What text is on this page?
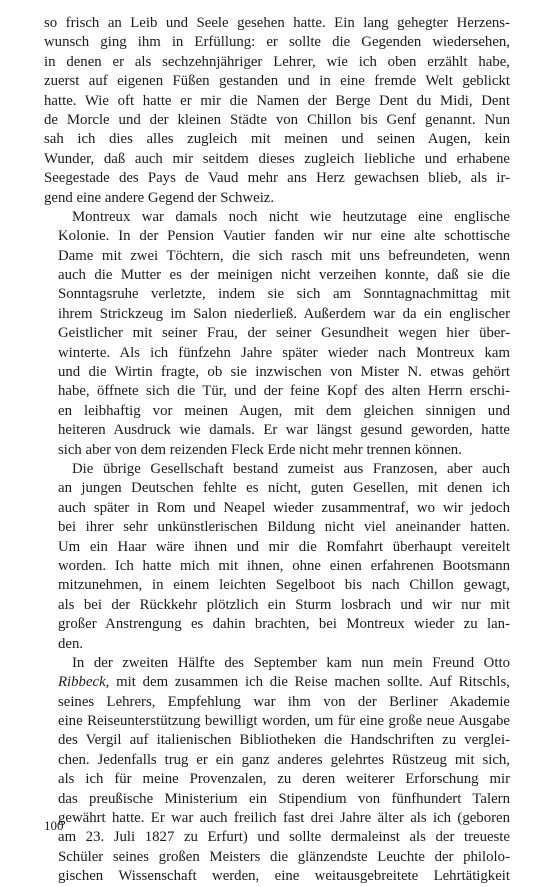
so frisch an Leib und Seele gesehen hatte. Ein lang gehegter Herzens-
wunsch ging ihm in Erfüllung: er sollte die Gegenden wiedersehen,
in denen er als sechzehnjähriger Lehrer, wie ich oben erzählt habe,
zuerst auf eigenen Füßen gestanden und in eine fremde Welt geblickt
hatte. Wie oft hatte er mir die Namen der Berge Dent du Midi, Dent
de Morcle und der kleinen Städte von Chillon bis Genf genannt. Nun
sah ich dies alles zugleich mit meinen und seinen Augen, kein
Wunder, daß auch mir seitdem dieses zugleich liebliche und erhabene
Seegestade des Pays de Vaud mehr ans Herz gewachsen blieb, als ir-
gend eine andere Gegend der Schweiz.
Montreux war damals noch nicht wie heutzutage eine englische
Kolonie. In der Pension Vautier fanden wir nur eine alte schottische
Dame mit zwei Töchtern, die sich rasch mit uns befreundeten, wenn
auch die Mutter es der meinigen nicht verzeihen konnte, daß sie die
Sonntagsruhe verletzte, indem sie sich am Sonntagnachmittag mit
ihrem Strickzeug im Salon niederließ. Außerdem war da ein englischer
Geistlicher mit seiner Frau, der seiner Gesundheit wegen hier über-
winterte. Als ich fünfzehn Jahre später wieder nach Montreux kam
und die Wirtin fragte, ob sie inzwischen von Mister N. etwas gehört
habe, öffnete sich die Tür, und der feine Kopf des alten Herrn erschi-
en leibhaftig vor meinen Augen, mit dem gleichen sinnigen und
heiteren Ausdruck wie damals. Er war längst gesund geworden, hatte
sich aber von dem reizenden Fleck Erde nicht mehr trennen können.
Die übrige Gesellschaft bestand zumeist aus Franzosen, aber auch
an jungen Deutschen fehlte es nicht, guten Gesellen, mit denen ich
auch später in Rom und Neapel wieder zusammentraf, wo wir jedoch
bei ihrer sehr unkünstlerischen Bildung nicht viel aneinander hatten.
Um ein Haar wäre ihnen und mir die Romfahrt überhaupt vereitelt
worden. Ich hatte mich mit ihnen, ohne einen erfahrenen Bootsmann
mitzunehmen, in einem leichten Segelboot bis nach Chillon gewagt,
als bei der Rückkehr plötzlich ein Sturm losbrach und wir nur mit
großer Anstrengung es dahin brachten, bei Montreux wieder zu lan-
den.
In der zweiten Hälfte des September kam nun mein Freund Otto
Ribbeck, mit dem zusammen ich die Reise machen sollte. Auf Ritschls,
seines Lehrers, Empfehlung war ihm von der Berliner Akademie
eine Reiseunterstützung bewilligt worden, um für eine große neue Ausgabe
des Vergil auf italienischen Bibliotheken die Handschriften zu verglei-
chen. Jedenfalls trug er ein ganz anderes gelehrtes Rüstzeug mit sich,
als ich für meine Provenzalen, zu deren weiterer Erforschung mir
das preußische Ministerium ein Stipendium von fünfhundert Talern
gewährt hatte. Er war auch freilich fast drei Jahre älter als ich (geboren
am 23. Juli 1827 zu Erfurt) und sollte dermaleinst als der treueste
Schüler seines großen Meisters die glänzendste Leuchte der philolo-
gischen Wissenschaft werden, eine weitausgebreitete Lehrtätigkeit
100
